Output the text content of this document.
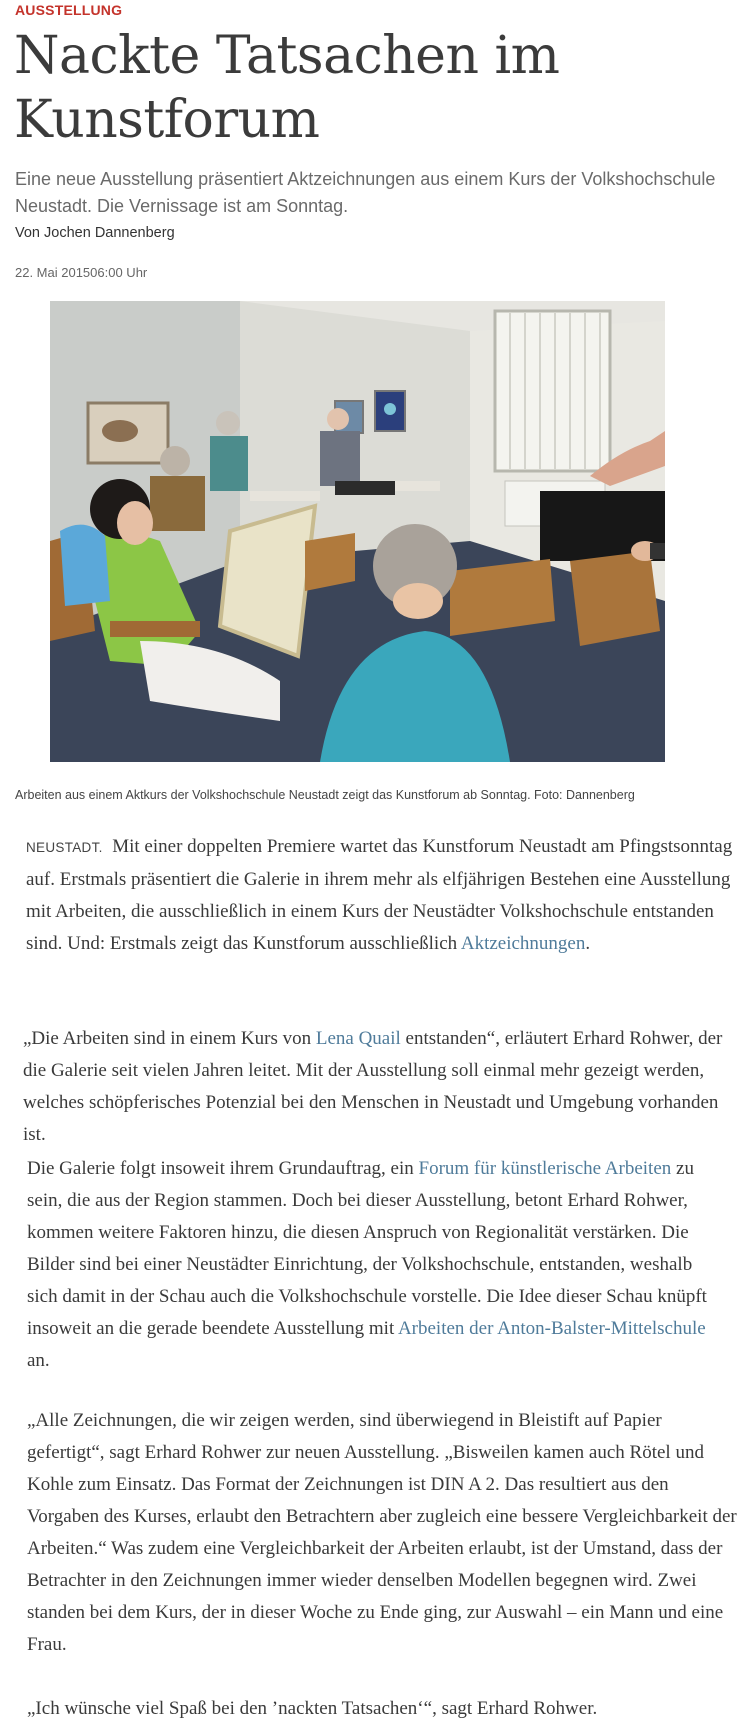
AUSSTELLUNG
Nackte Tatsachen im Kunstforum

Eine neue Ausstellung präsentiert Aktzeichnungen aus einem Kurs der Volkshochschule Neustadt. Die Vernissage ist am Sonntag.

Von Jochen Dannenberg
22. Mai 201506:00 Uhr
Arbeiten aus einem Aktkurs der Volkshochschule Neustadt zeigt das Kunstforum ab Sonntag. Foto: Dannenberg

NEUSTADT. Mit einer doppelten Premiere wartet das Kunstforum Neustadt am Pfingstsonntag auf. Erstmals präsentiert die Galerie in ihrem mehr als elfjährigen Bestehen eine Ausstellung mit Arbeiten, die ausschließlich in einem Kurs der Neustädter Volkshochschule entstanden sind. Und: Erstmals zeigt das Kunstforum ausschließlich Aktzeichnungen.

„Die Arbeiten sind in einem Kurs von Lena Quail entstanden“, erläutert Erhard Rohwer, der die Galerie seit vielen Jahren leitet. Mit der Ausstellung soll einmal mehr gezeigt werden, welches schöpferisches Potenzial bei den Menschen in Neustadt und Umgebung vorhanden ist.

Die Galerie folgt insoweit ihrem Grundauftrag, ein Forum für künstlerische Arbeiten zu sein, die aus der Region stammen. Doch bei dieser Ausstellung, betont Erhard Rohwer, kommen weitere Faktoren hinzu, die diesen Anspruch von Regionalität verstärken. Die Bilder sind bei einer Neustädter Einrichtung, der Volkshochschule, entstanden, weshalb sich damit in der Schau auch die Volkshochschule vorstelle. Die Idee dieser Schau knüpft insoweit an die gerade beendete Ausstellung mit Arbeiten der Anton-Balster-Mittelschule an.

„Alle Zeichnungen, die wir zeigen werden, sind überwiegend in Bleistift auf Papier gefertigt“, sagt Erhard Rohwer zur neuen Ausstellung. „Bisweilen kamen auch Rötel und Kohle zum Einsatz. Das Format der Zeichnungen ist DIN A 2. Das resultiert aus den Vorgaben des Kurses, erlaubt den Betrachtern aber zugleich eine bessere Vergleichbarkeit der Arbeiten.“ Was zudem eine Vergleichbarkeit der Arbeiten erlaubt, ist der Umstand, dass der Betrachter in den Zeichnungen immer wieder denselben Modellen begegnen wird. Zwei standen bei dem Kurs, der in dieser Woche zu Ende ging, zur Auswahl – ein Mann und eine Frau.

„Ich wünsche viel Spaß bei den ’nackten Tatsachen‘“, sagt Erhard Rohwer.
